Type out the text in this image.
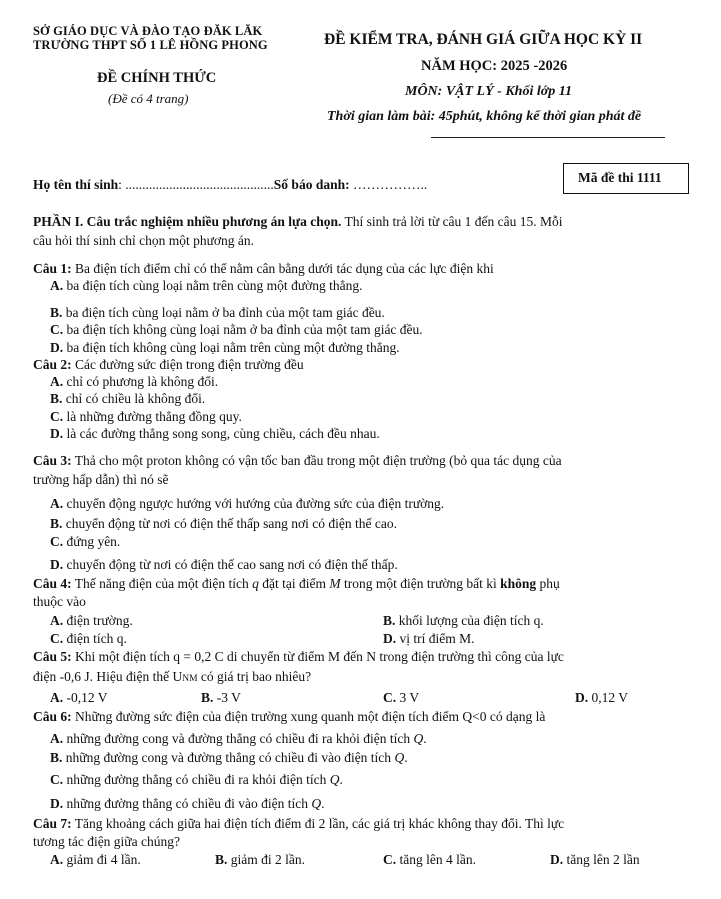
SỞ GIÁO DỤC VÀ ĐÀO TẠO ĐĂK LĂK
TRƯỜNG THPT SỐ 1 LÊ HỒNG PHONG
ĐỀ CHÍNH THỨC
(Đề có 4 trang)
ĐỀ KIỂM TRA, ĐÁNH GIÁ GIỮA HỌC KỲ II
NĂM HỌC: 2025 -2026
MÔN: VẬT LÝ - Khối lớp 11
Thời gian làm bài: 45phút, không kể thời gian phát đề
Họ tên thí sinh: ............................................Số báo danh: ……………..	Mã đề thi 1111
PHẦN I. Câu trắc nghiệm nhiều phương án lựa chọn. Thí sinh trả lời từ câu 1 đến câu 15. Mỗi
câu hỏi thí sinh chỉ chọn một phương án.
Câu 1: Ba điện tích điểm chỉ có thể nằm cân bằng dưới tác dụng của các lực điện khi
A. ba điện tích cùng loại nằm trên cùng một đường thẳng.
B. ba điện tích cùng loại nằm ở ba đỉnh của một tam giác đều.
C. ba điện tích không cùng loại nằm ở ba đỉnh của một tam giác đều.
D. ba điện tích không cùng loại nằm trên cùng một đường thẳng.
Câu 2: Các đường sức điện trong điện trường đều
A. chỉ có phương là không đổi.
B. chỉ có chiều là không đổi.
C. là những đường thẳng đồng quy.
D. là các đường thẳng song song, cùng chiều, cách đều nhau.
Câu 3: Thả cho một proton không có vận tốc ban đầu trong một điện trường (bỏ qua tác dụng của
trường hấp dẫn) thì nó sẽ
A. chuyển động ngược hướng với hướng của đường sức của điện trường.
B. chuyển động từ nơi có điện thế thấp sang nơi có điện thế cao.
C. đứng yên.
D. chuyển động từ nơi có điện thế cao sang nơi có điện thế thấp.
Câu 4: Thế năng điện của một điện tích q đặt tại điểm M trong một điện trường bất kì không phụ
thuộc vào
A. điện trường.	B. khối lượng của điện tích q.
C. điện tích q.	D. vị trí điểm M.
Câu 5: Khi một điện tích q = 0,2 C di chuyển từ điểm M đến N trong điện trường thì công của lực
điện -0,6 J. Hiệu điện thế UNM có giá trị bao nhiêu?
A. -0,12 V	B. -3 V	C. 3 V	D. 0,12 V
Câu 6: Những đường sức điện của điện trường xung quanh một điện tích điểm Q<0 có dạng là
A. những đường cong và đường thẳng có chiều đi ra khỏi điện tích Q.
B. những đường cong và đường thẳng có chiều đi vào điện tích Q.
C. những đường thẳng có chiều đi ra khỏi điện tích Q.
D. những đường thẳng có chiều đi vào điện tích Q.
Câu 7: Tăng khoảng cách giữa hai điện tích điểm đi 2 lần, các giá trị khác không thay đổi. Thì lực
tương tác điện giữa chúng?
A. giảm đi 4 lần.	B. giảm đi 2 lần.	C. tăng lên 4 lần.	D. tăng lên 2 lần
